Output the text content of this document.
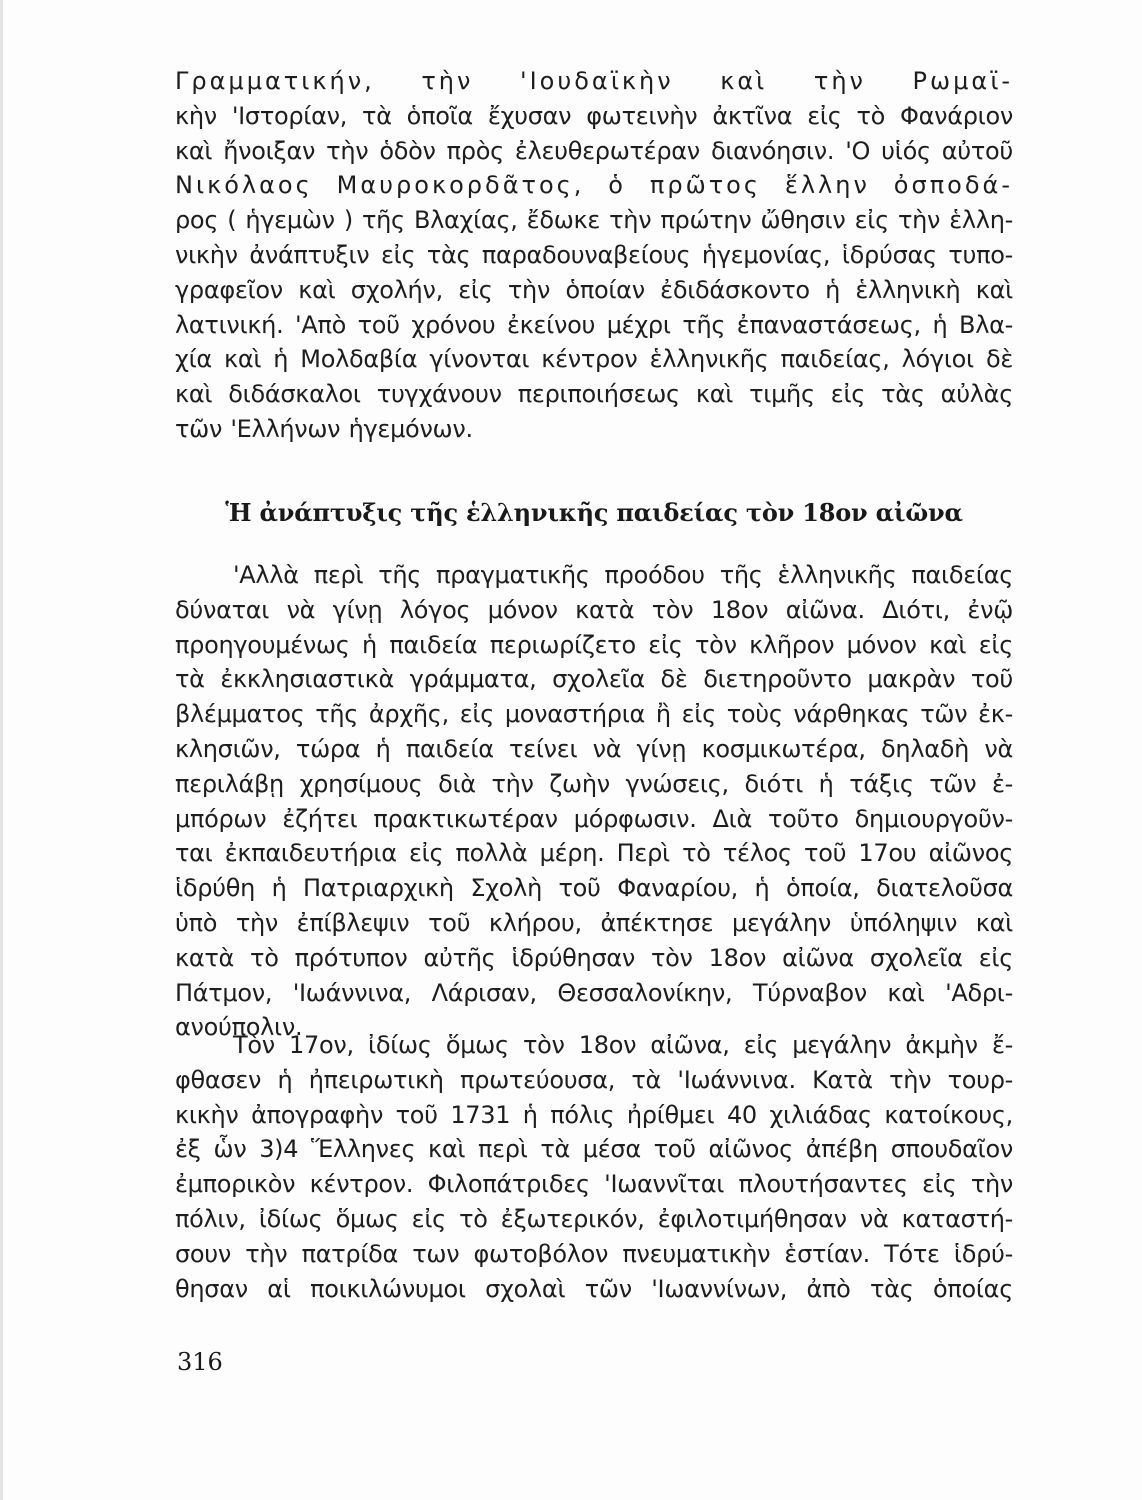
Γραμματικήν, τὴν 'Ιουδαϊκὴν καὶ τὴν Ρωμαϊ-
κὴν 'Ιστορίαν, τὰ ὁποῖα ἔχυσαν φωτεινὴν ἀκτῖνα εἰς τὸ Φανάριον
καὶ ἤνοιξαν τὴν ὁδὸν πρὸς ἐλευθερωτέραν διανόησιν. 'Ο υἱός αὐτοῦ
Νικόλαος Μαυροκορδᾶτος, ὁ πρῶτος ἕλλην ὀσποδά-
ρος ( ἡγεμὼν ) τῆς Βλαχίας, ἔδωκε τὴν πρώτην ὤθησιν εἰς τὴν ἑλλη-
νικὴν ἀνάπτυξιν εἰς τὰς παραδουναβείους ἡγεμονίας, ἱδρύσας τυπο-
γραφεῖον καὶ σχολήν, εἰς τὴν ὁποίαν ἐδιδάσκοντο ἡ ἑλληνικὴ καὶ
λατινική. 'Απὸ τοῦ χρόνου ἐκείνου μέχρι τῆς ἐπαναστάσεως, ἡ Βλα-
χία καὶ ἡ Μολδαβία γίνονται κέντρον ἑλληνικῆς παιδείας, λόγιοι δὲ
καὶ διδάσκαλοι τυγχάνουν περιποιήσεως καὶ τιμῆς εἰς τὰς αὐλὰς
τῶν 'Ελλήνων ἡγεμόνων.
Ἡ ἀνάπτυξις τῆς ἑλληνικῆς παιδείας τὸν 18ον αἰῶνα
'Αλλὰ περὶ τῆς πραγματικῆς προόδου τῆς ἑλληνικῆς παιδείας
δύναται νὰ γίνῃ λόγος μόνον κατὰ τὸν 18ον αἰῶνα. Διότι, ἐνῷ
προηγουμένως ἡ παιδεία περιωρίζετο εἰς τὸν κλῆρον μόνον καὶ εἰς
τὰ ἐκκλησιαστικὰ γράμματα, σχολεῖα δὲ διετηροῦντο μακρὰν τοῦ
βλέμματος τῆς ἀρχῆς, εἰς μοναστήρια ἢ εἰς τοὺς νάρθηκας τῶν ἐκ-
κλησιῶν, τώρα ἡ παιδεία τείνει νὰ γίνῃ κοσμικωτέρα, δηλαδὴ νὰ
περιλάβῃ χρησίμους διὰ τὴν ζωὴν γνώσεις, διότι ἡ τάξις τῶν ἐ-
μπόρων ἐζήτει πρακτικωτέραν μόρφωσιν. Διὰ τοῦτο δημιουργοῦν-
ται ἐκπαιδευτήρια εἰς πολλὰ μέρη. Περὶ τὸ τέλος τοῦ 17ου αἰῶνος
ἱδρύθη ἡ Πατριαρχικὴ Σχολὴ τοῦ Φαναρίου, ἡ ὁποία, διατελοῦσα
ὑπὸ τὴν ἐπίβλεψιν τοῦ κλήρου, ἀπέκτησε μεγάλην ὑπόληψιν καὶ
κατὰ τὸ πρότυπον αὐτῆς ἱδρύθησαν τὸν 18ον αἰῶνα σχολεῖα εἰς
Πάτμον, 'Ιωάννινα, Λάρισαν, Θεσσαλονίκην, Τύρναβον καὶ 'Αδρι-
ανούπολιν.
Τὸν 17ον, ἰδίως ὅμως τὸν 18ον αἰῶνα, εἰς μεγάλην ἀκμὴν ἔ-
φθασεν ἡ ἠπειρωτικὴ πρωτεύουσα, τὰ 'Ιωάννινα. Κατὰ τὴν τουρ-
κικὴν ἀπογραφὴν τοῦ 1731 ἡ πόλις ἠρίθμει 40 χιλιάδας κατοίκους,
ἐξ ὧν 3)4 Ἕλληνες καὶ περὶ τὰ μέσα τοῦ αἰῶνος ἀπέβη σπουδαῖον
ἐμπορικὸν κέντρον. Φιλοπάτριδες 'Ιωαννῖται πλουτήσαντες εἰς τὴν
πόλιν, ἰδίως ὅμως εἰς τὸ ἐξωτερικόν, ἐφιλοτιμήθησαν νὰ καταστή-
σουν τὴν πατρίδα των φωτοβόλον πνευματικὴν ἑστίαν. Τότε ἱδρύ-
θησαν αἱ ποικιλώνυμοι σχολαὶ τῶν 'Ιωαννίνων, ἀπὸ τὰς ὁποίας
316
